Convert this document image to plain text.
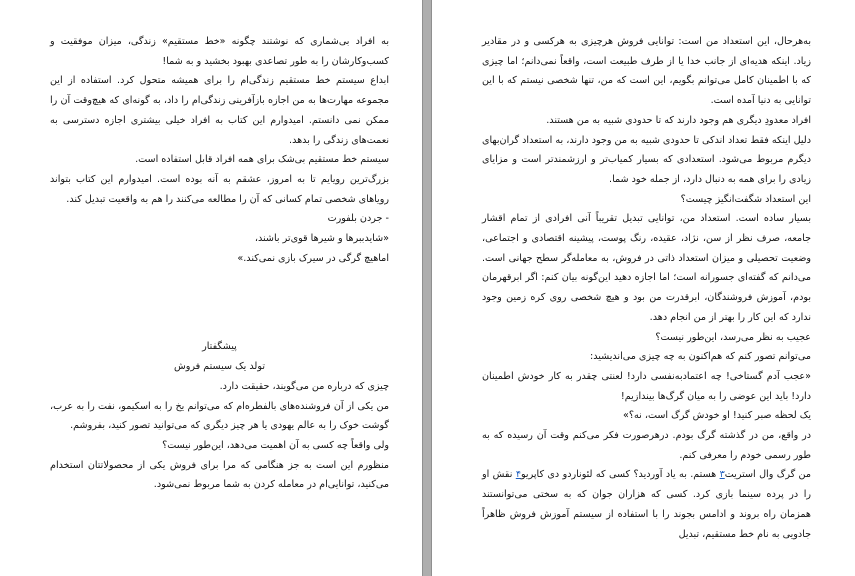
به افراد بی‌شماری که نوشتند چگونه «خط مستقیم» زندگی، میزان موفقیت و کسب‌وکارشان را به طور تصاعدی بهبود بخشید و به شما!

ابداع سیستم خط مستقیم زندگی‌ام را برای همیشه متحول کرد. استفاده از این مجموعه مهارت‌ها به من اجازه بازآفرینی زندگی‌ام را داد، به گونه‌ای که هیچ‌وقت آن را ممکن نمی دانستم. امیدوارم این کتاب به افراد خیلی بیشتری اجازه دسترسی به نعمت‌های زندگی را بدهد.

سیستم خط مستقیم بی‌شک برای همه افراد قابل استفاده است.

بزرگ‌ترین رویایم تا به امروز، عشقم به آنه بوده است. امیدوارم این کتاب بتواند رویاهای شخصی تمام کسانی که آن را مطالعه می‌کنند را هم به واقعیت تبدیل کند.

- جردن بلفورت

«شایدببرها و شیرها قوی‌تر باشند،

اماهیچ گرگی در سیرک بازی نمی‌کند.»

پیشگفتار

تولد یک سیستم فروش

چیزی که درباره من می‌گویند، حقیقت دارد.

من یکی از آن فروشنده‌های بالفطره‌ام که می‌توانم یخ را به اسکیمو، نفت را به عرب، گوشت خوک را به عالم یهودی یا هر چیز دیگری که می‌توانید تصور کنید، بفروشم.

ولی واقعاً چه کسی به آن اهمیت می‌دهد، این‌طور نیست؟

منظورم این است به جز هنگامی که مرا برای فروش یکی از محصولاتتان استخدام می‌کنید، توانایی‌ام در معامله کردن به شما مربوط نمی‌شود.

به‌هرحال، این استعداد من است: توانایی فروش هرچیزی به هرکسی و در مقادیر زیاد. اینکه هدیه‌ای از جانب خدا یا از طرف طبیعت است، واقعاً نمی‌دانم؛ اما چیزی که با اطمینان کامل می‌توانم بگویم، این است که من، تنها شخصی نیستم که با این توانایی به دنیا آمده است.

افراد معدودِ دیگری هم وجود دارند که تا حدودی شبیه به من هستند.

دلیل اینکه فقط تعداد اندکی تا حدودی شبیه به من وجود دارند، به استعداد گران‌بهای دیگرم مربوط می‌شود. استعدادی که بسیار کمیاب‌تر و ارزشمندتر است و مزایای زیادی را برای همه به دنبال دارد، از جمله خود شما.

این استعداد شگفت‌انگیز چیست؟

بسیار ساده است. استعداد من، توانایی تبدیل تقریباً آنی افرادی از تمام اقشار جامعه، صرف نظر از سن، نژاد، عقیده، رنگ پوست، پیشینه اقتصادی و اجتماعی، وضعیت تحصیلی و میزان استعداد ذاتی در فروش، به معامله‌گر سطح جهانی است. می‌دانم که گفته‌ای جسورانه است؛ اما اجازه دهید این‌گونه بیان کنم: اگر ابرقهرمان بودم، آموزش فروشندگان، ابرقدرت من بود و هیچ شخصی روی کره زمین وجود ندارد که این کار را بهتر از من انجام دهد.

عجیب به نظر می‌رسد، این‌طور نیست؟

می‌توانم تصور کنم که هم‌اکنون به چه چیزی می‌اندیشید:

«عجب آدم گستاخی! چه اعتمادبه‌نفسی دارد! لعنتی چقدر به کار خودش اطمینان دارد! باید این عوضی را به میان گرگ‌ها بیندازیم!

یک لحظه صبر کنید! او خودش گرگ است، نه؟»

در واقع، من در گذشته گرگ بودم. درهرصورت فکر می‌کنم وقت آن رسیده که به طور رسمی خودم را معرفی کنم.

من گرگ وال استریت۳ هستم. به یاد آوردید؟ کسی که لئوناردو دی کاپریو۴ نقش او را در پرده سینما بازی کرد. کسی که هزاران جوان که به سختی می‌توانستند همزمان راه بروند و ادامس بجوند را با استفاده از سیستم آموزش فروش ظاهراً جادویی به نام خط مستقیم، تبدیل
